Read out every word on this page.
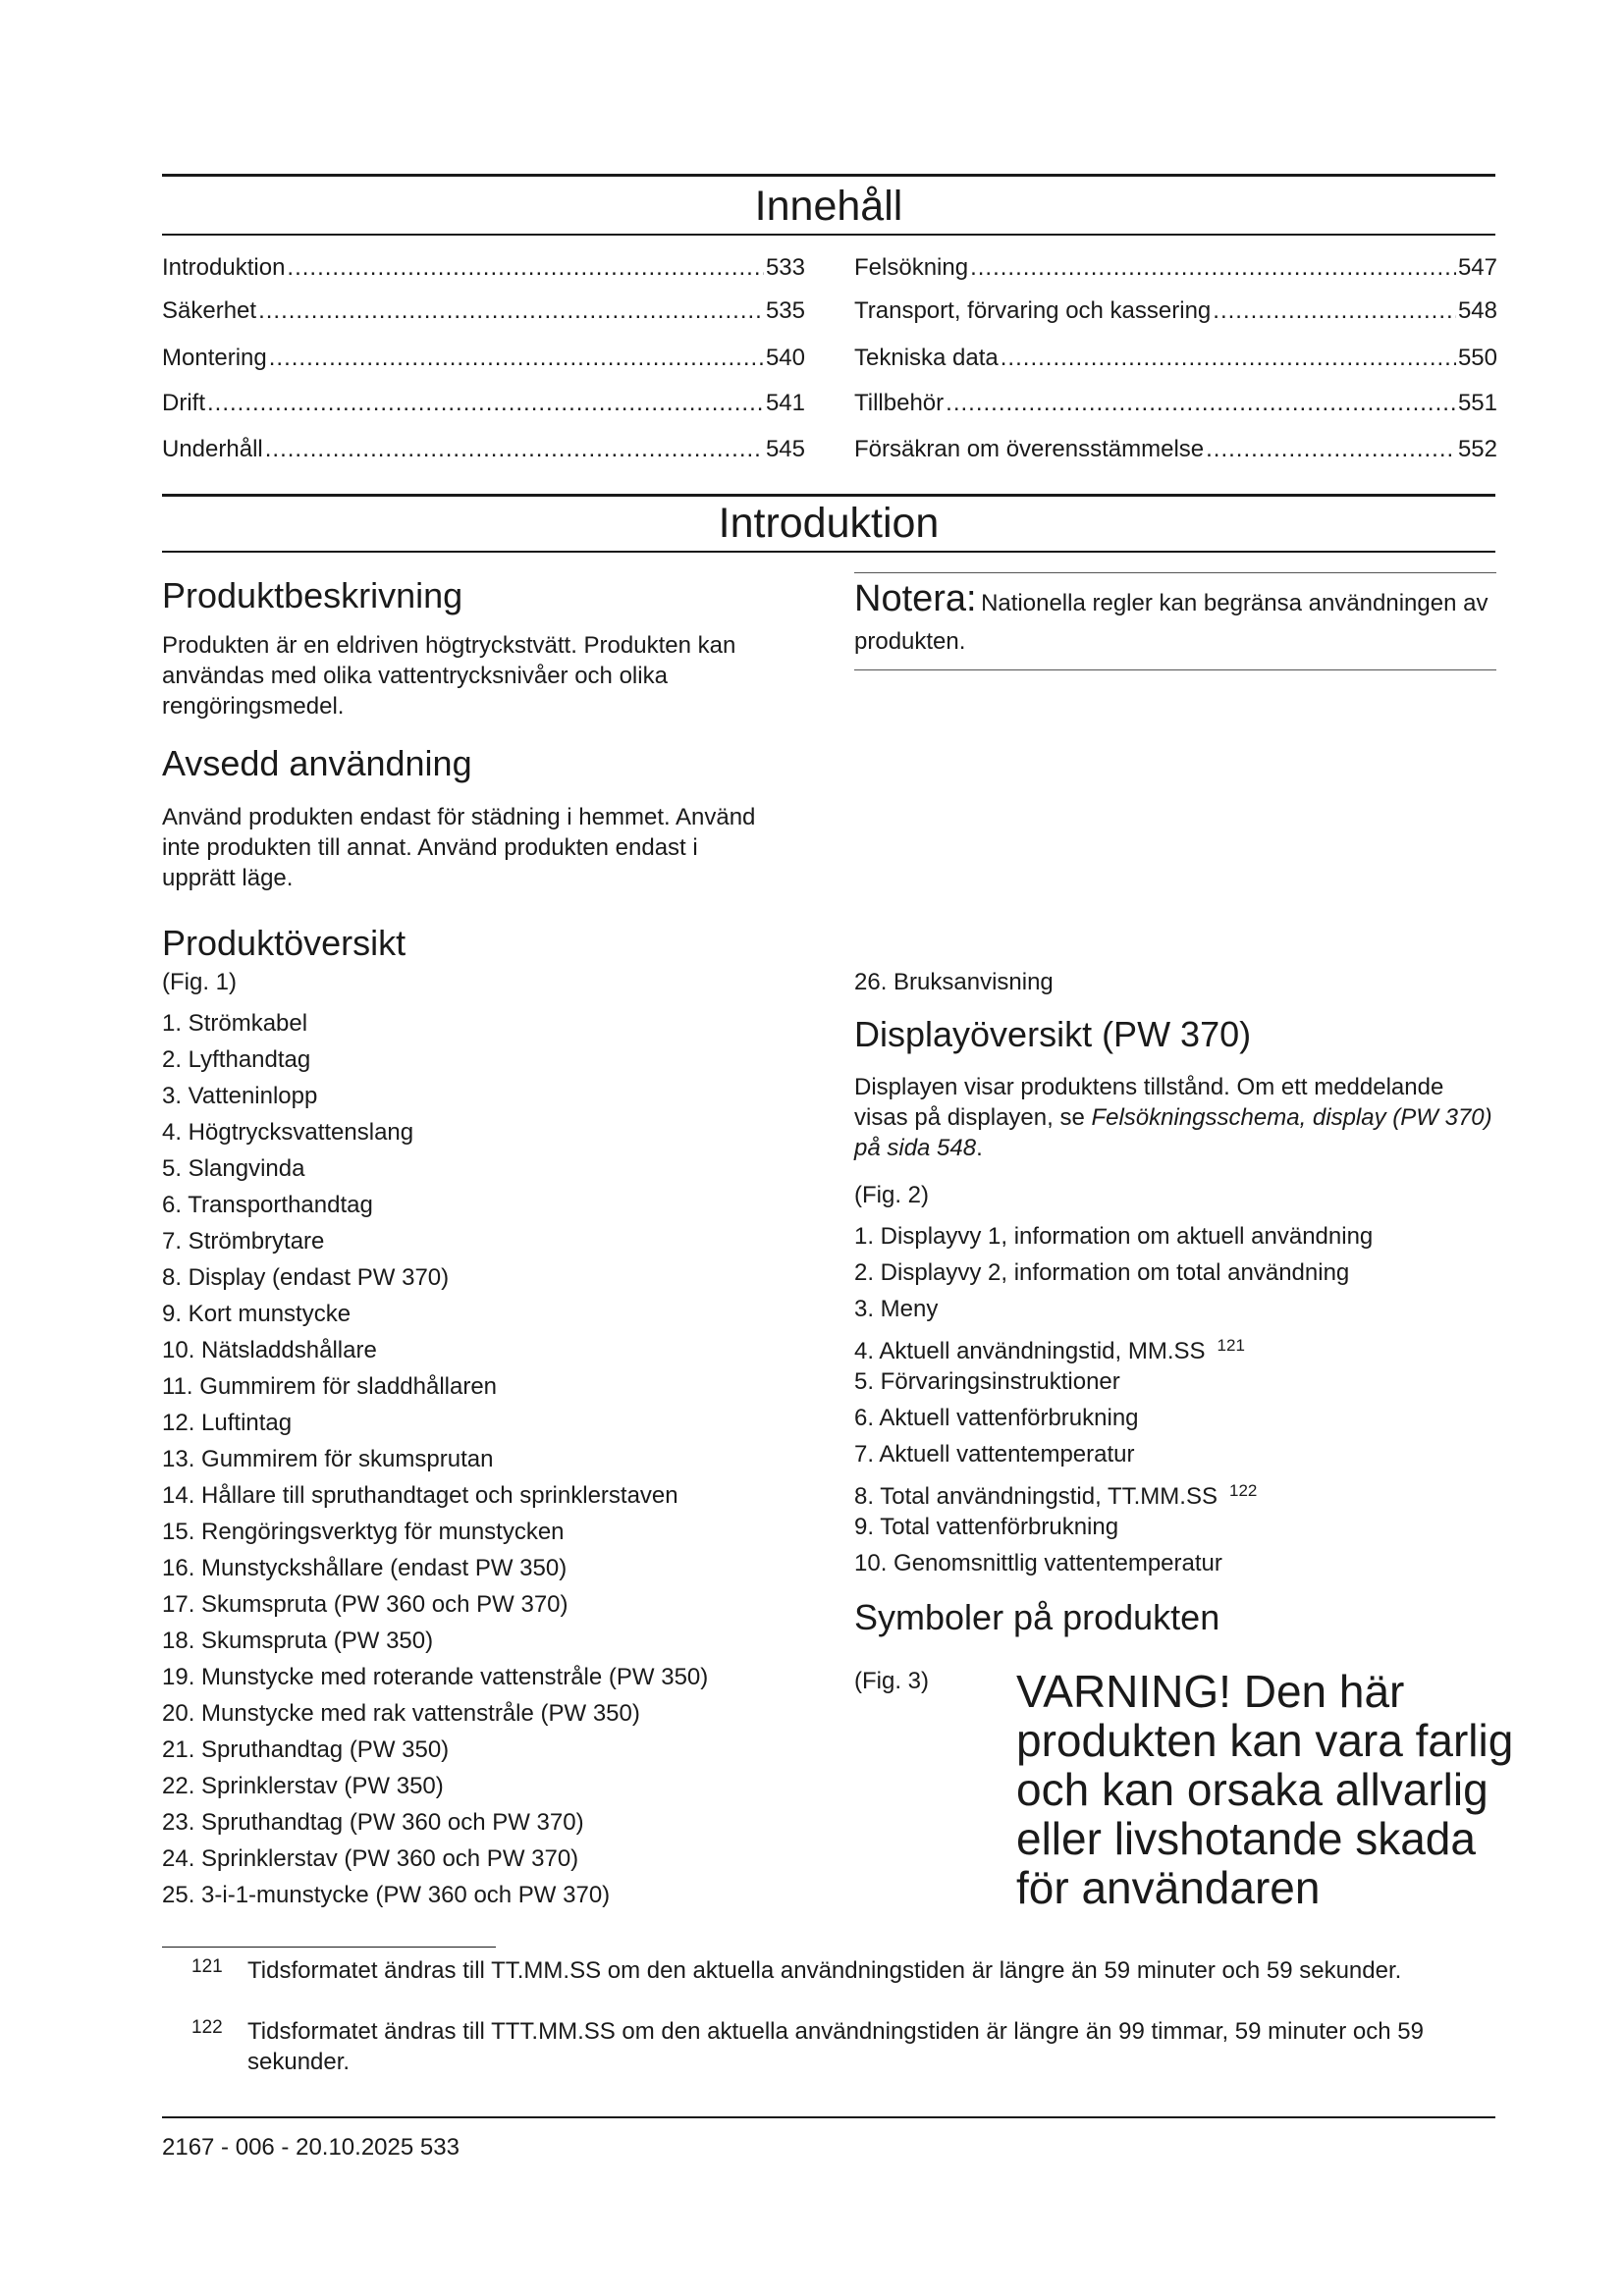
Innehåll
Introduktion .....	533
Säkerhet .....	535
Montering .....	540
Drift .....	541
Underhåll .....	545
Felsökning .....	547
Transport, förvaring och kassering .....	548
Tekniska data .....	550
Tillbehör .....	551
Försäkran om överensstämmelse .....	552
Introduktion
Produktbeskrivning
Produkten är en eldriven högtryckstvätt. Produkten kan användas med olika vattentrycksnivåer och olika rengöringsmedel.
Avsedd användning
Använd produkten endast för städning i hemmet. Använd inte produkten till annat. Använd produkten endast i upprätt läge.
Produktöversikt
(Fig. 1)
1. Strömkabel
2. Lyfthandtag
3. Vatteninlopp
4. Högtrycksvattenslang
5. Slangvinda
6. Transporthandtag
7. Strömbrytare
8. Display (endast PW 370)
9. Kort munstycke
10. Nätsladdshållare
11. Gummirem för sladdhållaren
12. Luftintag
13. Gummirem för skumsprutan
14. Hållare till spruthandtaget och sprinklerstaven
15. Rengöringsverktyg för munstycken
16. Munstyckshållare (endast PW 350)
17. Skumspruta (PW 360 och PW 370)
18. Skumspruta (PW 350)
19. Munstycke med roterande vattenstråle (PW 350)
20. Munstycke med rak vattenstråle (PW 350)
21. Spruthandtag (PW 350)
22. Sprinklerstav (PW 350)
23. Spruthandtag (PW 360 och PW 370)
24. Sprinklerstav (PW 360 och PW 370)
25. 3-i-1-munstycke (PW 360 och PW 370)
Notera: Nationella regler kan begränsa användningen av produkten.
26. Bruksanvisning
Displayöversikt (PW 370)
Displayen visar produktens tillstånd. Om ett meddelande visas på displayen, se Felsökningsschema, display (PW 370) på sida 548.
(Fig. 2)
1. Displayvy 1, information om aktuell användning
2. Displayvy 2, information om total användning
3. Meny
4. Aktuell användningstid, MM.SS $^{121}$
5. Förvaringsinstruktioner
6. Aktuell vattenförbrukning
7. Aktuell vattentemperatur
8. Total användningstid, TT.MM.SS $^{122}$
9. Total vattenförbrukning
10. Genomsnittlig vattentemperatur
Symboler på produkten
(Fig. 3) VARNING! Den här produkten kan vara farlig och kan orsaka allvarlig eller livshotande skada för användaren
121 Tidsformatet ändras till TT.MM.SS om den aktuella användningstiden är längre än 59 minuter och 59 sekunder.
122 Tidsformatet ändras till TTT.MM.SS om den aktuella användningstiden är längre än 99 timmar, 59 minuter och 59 sekunder.
2167 - 006 - 20.10.2025 533
